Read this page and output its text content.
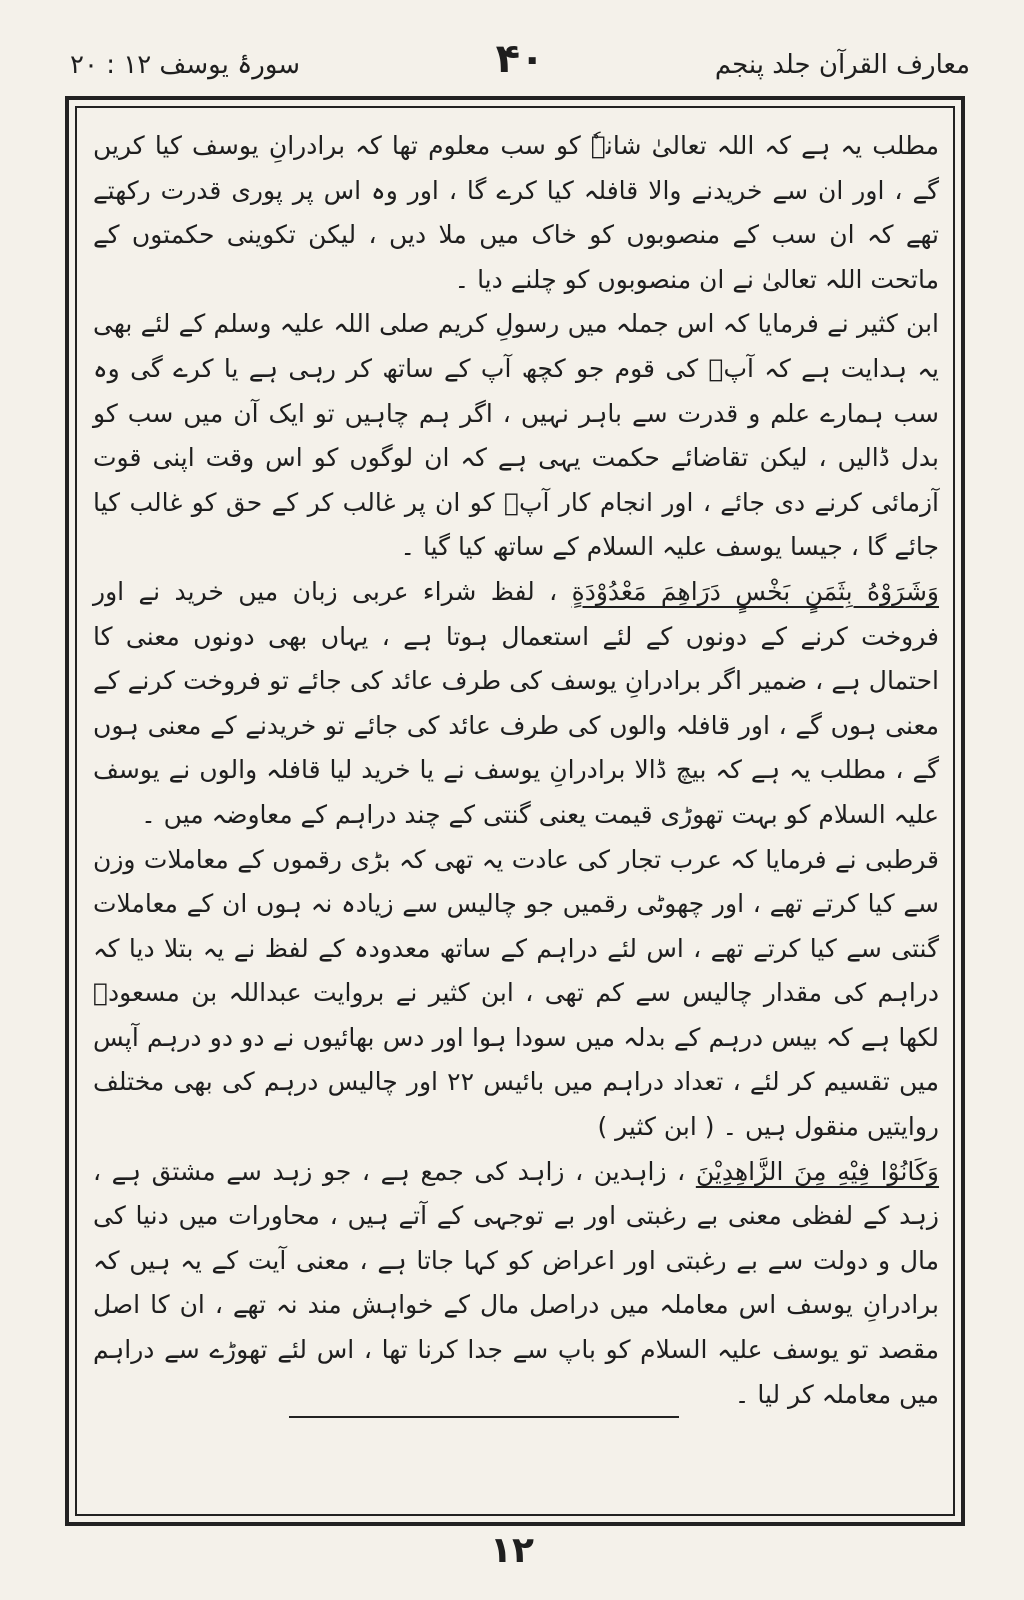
معارف القرآن جلد پنجم
۴۰
سورۂ یوسف ۱۲ : ۲۰

مطلب یہ ہے کہ اللہ تعالیٰ شانہٗ کو سب معلوم تھا کہ برادرانِ یوسف کیا کریں گے ، اور ان سے خریدنے والا قافلہ کیا کرے گا ، اور وہ اس پر پوری قدرت رکھتے تھے کہ ان سب کے منصوبوں کو خاک میں ملا دیں ، لیکن تکوینی حکمتوں کے ماتحت اللہ تعالیٰ نے ان منصوبوں کو چلنے دیا ۔

ابن کثیر نے فرمایا کہ اس جملہ میں رسولِ کریم صلی اللہ علیہ وسلم کے لئے بھی یہ ہدایت ہے کہ آپؐ کی قوم جو کچھ آپ کے ساتھ کر رہی ہے یا کرے گی وہ سب ہمارے علم و قدرت سے باہر نہیں ، اگر ہم چاہیں تو ایک آن میں سب کو بدل ڈالیں ، لیکن تقاضائے حکمت یہی ہے کہ ان لوگوں کو اس وقت اپنی قوت آزمائی کرنے دی جائے ، اور انجام کار آپؐ کو ان پر غالب کر کے حق کو غالب کیا جائے گا ، جیسا یوسف علیہ السلام کے ساتھ کیا گیا ۔

وَشَرَوْهُ بِثَمَنٍ بَخْسٍ دَرَاهِمَ مَعْدُوْدَةٍ ، لفظ شراء عربی زبان میں خرید نے اور فروخت کرنے کے دونوں کے لئے استعمال ہوتا ہے ، یہاں بھی دونوں معنی کا احتمال ہے ، ضمیر اگر برادرانِ یوسف کی طرف عائد کی جائے تو فروخت کرنے کے معنی ہوں گے ، اور قافلہ والوں کی طرف عائد کی جائے تو خریدنے کے معنی ہوں گے ، مطلب یہ ہے کہ بیچ ڈالا برادرانِ یوسف نے یا خرید لیا قافلہ والوں نے یوسف علیہ السلام کو بہت تھوڑی قیمت یعنی گنتی کے چند دراہم کے معاوضہ میں ۔

قرطبی نے فرمایا کہ عرب تجار کی عادت یہ تھی کہ بڑی رقموں کے معاملات وزن سے کیا کرتے تھے ، اور چھوٹی رقمیں جو چالیس سے زیادہ نہ ہوں ان کے معاملات گنتی سے کیا کرتے تھے ، اس لئے دراہم کے ساتھ معدودہ کے لفظ نے یہ بتلا دیا کہ دراہم کی مقدار چالیس سے کم تھی ، ابن کثیر نے بروایت عبداللہ بن مسعودؓ لکھا ہے کہ بیس درہم کے بدلہ میں سودا ہوا اور دس بھائیوں نے دو دو درہم آپس میں تقسیم کر لئے ، تعداد دراہم میں بائیس ۲۲ اور چالیس درہم کی بھی مختلف روایتیں منقول ہیں ۔ ( ابن کثیر )

وَكَانُوْا فِيْهِ مِنَ الزَّاهِدِيْنَ ، زاہدین ، زاہد کی جمع ہے ، جو زہد سے مشتق ہے ، زہد کے لفظی معنی بے رغبتی اور بے توجہی کے آتے ہیں ، محاورات میں دنیا کی مال و دولت سے بے رغبتی اور اعراض کو کہا جاتا ہے ، معنی آیت کے یہ ہیں کہ برادرانِ یوسف اس معاملہ میں دراصل مال کے خواہش مند نہ تھے ، ان کا اصل مقصد تو یوسف علیہ السلام کو باپ سے جدا کرنا تھا ، اس لئے تھوڑے سے دراہم میں معاملہ کر لیا ۔

۱۲
